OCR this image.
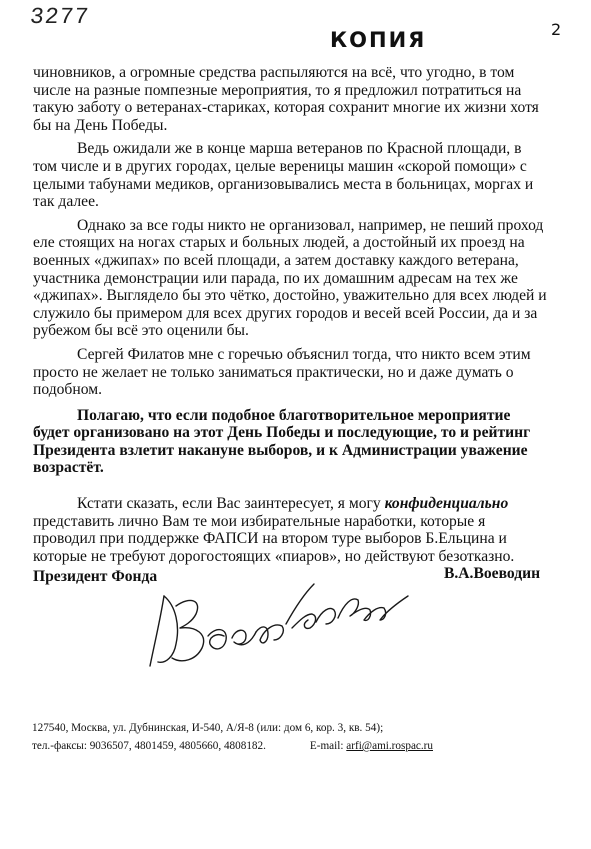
3277
КОПИЯ	2

чиновников, а огромные средства распыляются на всё, что угодно, в том числе на разные помпезные мероприятия, то я предложил потратиться на такую заботу о ветеранах-стариках, которая сохранит многие их жизни хотя бы на День Победы.

Ведь ожидали же в конце марша ветеранов по Красной площади, в том числе и в других городах, целые вереницы машин «скорой помощи» с целыми табунами медиков, организовывались места в больницах, моргах и так далее.

Однако за все годы никто не организовал, например, не пеший проход еле стоящих на ногах старых и больных людей, а достойный их проезд на военных «джипах» по всей площади, а затем доставку каждого ветерана, участника демонстрации или парада, по их домашним адресам на тех же «джипах». Выглядело бы это чётко, достойно, уважительно для всех людей и служило бы примером для всех других городов и весей всей России, да и за рубежом бы всё это оценили бы.

Сергей Филатов мне с горечью объяснил тогда, что никто всем этим просто не желает не только заниматься практически, но и даже думать о подобном.

Полагаю, что если подобное благотворительное мероприятие будет организовано на этот День Победы и последующие, то и рейтинг Президента взлетит накануне выборов, и к Администрации уважение возрастёт.

Кстати сказать, если Вас заинтересует, я могу конфиденциально представить лично Вам те мои избирательные наработки, которые я проводил при поддержке ФАПСИ на втором туре выборов Б.Ельцина и которые не требуют дорогостоящих «пиаров», но действуют безотказно.

Президент Фонда	В.А.Воеводин
127540, Москва, ул. Дубнинская, И-540, А/Я-8 (или: дом 6, кор. 3, кв. 54);
тел.-факсы: 9036507, 4801459, 4805660, 4808182.	E-mail: arfi@ami.rospac.ru
